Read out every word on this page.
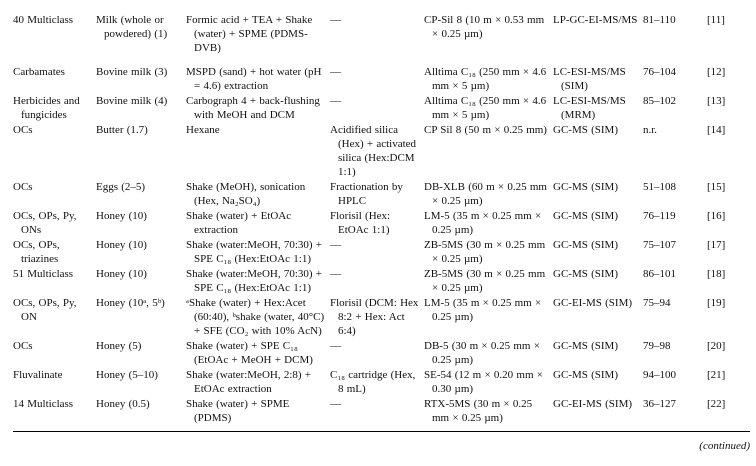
40 Multiclass	Milk (whole or powdered) (1)	Formic acid + TEA + Shake (water) + SPME (PDMS-DVB)	—	CP-Sil 8 (10 m × 0.53 mm × 0.25 µm)	LP-GC-EI-MS/MS	81–110	[11]
Carbamates	Bovine milk (3)	MSPD (sand) + hot water (pH = 4.6) extraction	—	Alltima C₁₈ (250 mm × 4.6 mm × 5 µm)	LC-ESI-MS/MS (SIM)	76–104	[12]
Herbicides and fungicides	Bovine milk (4)	Carbograph 4 + back-flushing with MeOH and DCM	—	Alltima C₁₈ (250 mm × 4.6 mm × 5 µm)	LC-ESI-MS/MS (MRM)	85–102	[13]
OCs	Butter (1.7)	Hexane	Acidified silica (Hex) + activated silica (Hex:DCM 1:1)	CP Sil 8 (50 m × 0.25 mm)	GC-MS (SIM)	n.r.	[14]
OCs	Eggs (2–5)	Shake (MeOH), sonication (Hex, Na₂SO₄)	Fractionation by HPLC	DB-XLB (60 m × 0.25 mm × 0.25 µm)	GC-MS (SIM)	51–108	[15]
OCs, OPs, Py, ONs	Honey (10)	Shake (water) + EtOAc extraction	Florisil (Hex: EtOAc 1:1)	LM-5 (35 m × 0.25 mm × 0.25 µm)	GC-MS (SIM)	76–119	[16]
OCs, OPs, triazines	Honey (10)	Shake (water:MeOH, 70:30) + SPE C₁₈ (Hex:EtOAc 1:1)	—	ZB-5MS (30 m × 0.25 mm × 0.25 µm)	GC-MS (SIM)	75–107	[17]
51 Multiclass	Honey (10)	Shake (water:MeOH, 70:30) + SPE C₁₈ (Hex:EtOAc 1:1)	—	ZB-5MS (30 m × 0.25 mm × 0.25 µm)	GC-MS (SIM)	86–101	[18]
OCs, OPs, Py, ON	Honey (10ᵃ, 5ᵇ)	ᵃShake (water) + Hex:Acet (60:40), ᵇshake (water, 40°C) + SFE (CO₂ with 10% AcN)	Florisil (DCM: Hex 8:2 + Hex: Act 6:4)	LM-5 (35 m × 0.25 mm × 0.25 µm)	GC-EI-MS (SIM)	75–94	[19]
OCs	Honey (5)	Shake (water) + SPE C₁₈ (EtOAc + MeOH + DCM)	—	DB-5 (30 m × 0.25 mm × 0.25 µm)	GC-MS (SIM)	79–98	[20]
Fluvalinate	Honey (5–10)	Shake (water:MeOH, 2:8) + EtOAc extraction	C₁₈ cartridge (Hex, 8 mL)	SE-54 (12 m × 0.20 mm × 0.30 µm)	GC-MS (SIM)	94–100	[21]
14 Multiclass	Honey (0.5)	Shake (water) + SPME (PDMS)	—	RTX-5MS (30 m × 0.25 mm × 0.25 µm)	GC-EI-MS (SIM)	36–127	[22]
(continued)
